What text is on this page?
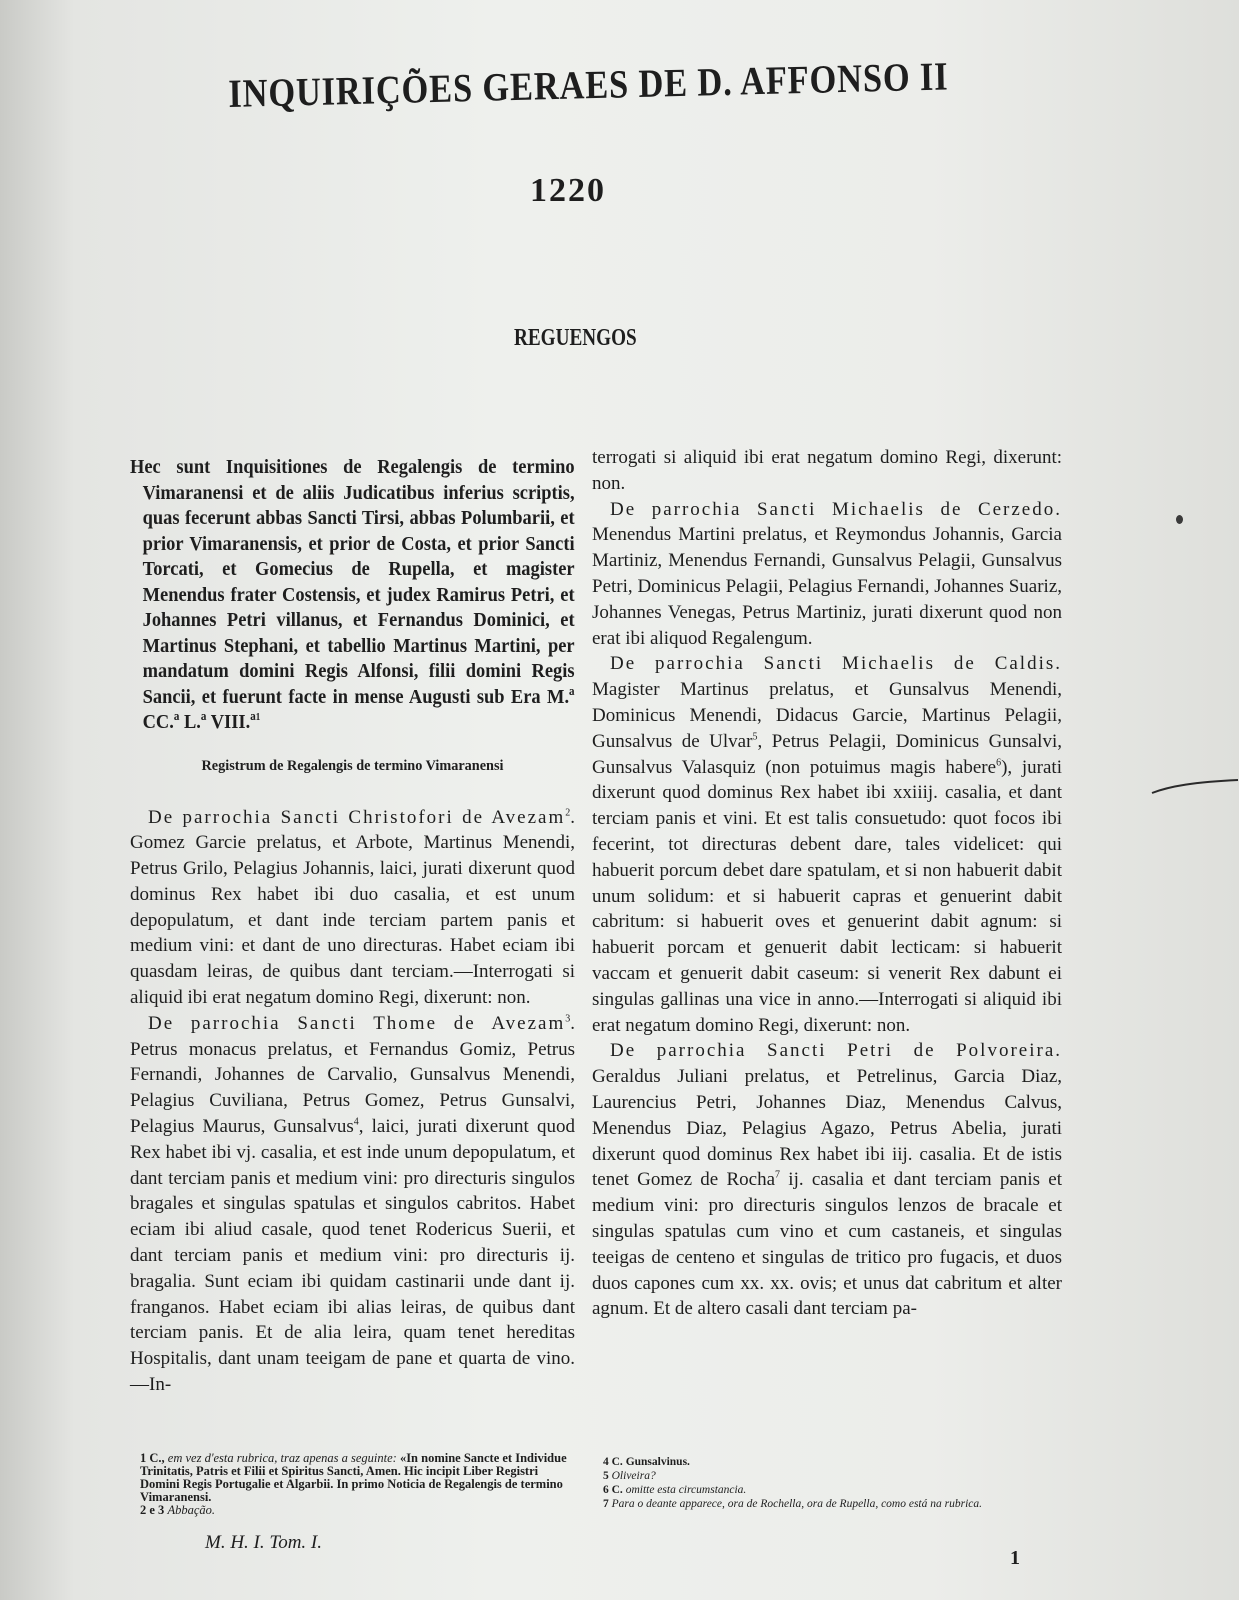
INQUIRIÇÕES GERAES DE D. AFFONSO II
1220
REGUENGOS

Hec sunt Inquisitiones de Regalengis de termino Vimaranensi et de aliis Judicatibus inferius scriptis, quas fecerunt abbas Sancti Tirsi, abbas Polumbarii, et prior Vimaranensis, et prior de Costa, et prior Sancti Torcati, et Gomecius de Rupella, et magister Menendus frater Costensis, et judex Ramirus Petri, et Johannes Petri villanus, et Fernandus Dominici, et Martinus Stephani, et tabellio Martinus Martini, per mandatum domini Regis Alfonsi, filii domini Regis Sancii, et fuerunt facte in mense Augusti sub Era M.ª CC.ª L.ª VIII.ª$^1$

Registrum de Regalengis de termino Vimaranensi

De parrochia Sancti Christofori de Avezam$^2$. Gomez Garcie prelatus, et Arbote, Martinus Menendi, Petrus Grilo, Pelagius Johannis, laici, jurati dixerunt quod dominus Rex habet ibi duo casalia, et est unum depopulatum, et dant inde terciam partem panis et medium vini: et dant de uno directuras. Habet eciam ibi quasdam leiras, de quibus dant terciam.—Interrogati si aliquid ibi erat negatum domino Regi, dixerunt: non.

De parrochia Sancti Thome de Avezam$^3$. Petrus monacus prelatus, et Fernandus Gomiz, Petrus Fernandi, Johannes de Carvalio, Gunsalvus Menendi, Pelagius Cuviliana, Petrus Gomez, Petrus Gunsalvi, Pelagius Maurus, Gunsalvus$^4$, laici, jurati dixerunt quod Rex habet ibi vj. casalia, et est inde unum depopulatum, et dant terciam panis et medium vini: pro directuris singulos bragales et singulas spatulas et singulos cabritos. Habet eciam ibi aliud casale, quod tenet Rodericus Suerii, et dant terciam panis et medium vini: pro directuris ij. bragalia. Sunt eciam ibi quidam castinarii unde dant ij. franganos. Habet eciam ibi alias leiras, de quibus dant terciam panis. Et de alia leira, quam tenet hereditas Hospitalis, dant unam teeigam de pane et quarta de vino.—In-

terrogati si aliquid ibi erat negatum domino Regi, dixerunt: non.

De parrochia Sancti Michaelis de Cerzedo. Menendus Martini prelatus, et Reymondus Johannis, Garcia Martiniz, Menendus Fernandi, Gunsalvus Pelagii, Gunsalvus Petri, Dominicus Pelagii, Pelagius Fernandi, Johannes Suariz, Johannes Venegas, Petrus Martiniz, jurati dixerunt quod non erat ibi aliquod Regalengum.

De parrochia Sancti Michaelis de Caldis. Magister Martinus prelatus, et Gunsalvus Menendi, Dominicus Menendi, Didacus Garcie, Martinus Pelagii, Gunsalvus de Ulvar$^5$, Petrus Pelagii, Dominicus Gunsalvi, Gunsalvus Valasquiz (non potuimus magis habere$^6$), jurati dixerunt quod dominus Rex habet ibi xxiiij. casalia, et dant terciam panis et vini. Et est talis consuetudo: quot focos ibi fecerint, tot directuras debent dare, tales videlicet: qui habuerit porcum debet dare spatulam, et si non habuerit dabit unum solidum: et si habuerit capras et genuerint dabit cabritum: si habuerit oves et genuerint dabit agnum: si habuerit porcam et genuerit dabit lecticam: si habuerit vaccam et genuerit dabit caseum: si venerit Rex dabunt ei singulas gallinas una vice in anno.—Interrogati si aliquid ibi erat negatum domino Regi, dixerunt: non.

De parrochia Sancti Petri de Polvoreira. Geraldus Juliani prelatus, et Petrelinus, Garcia Diaz, Laurencius Petri, Johannes Diaz, Menendus Calvus, Menendus Diaz, Pelagius Agazo, Petrus Abelia, jurati dixerunt quod dominus Rex habet ibi iij. casalia. Et de istis tenet Gomez de Rocha$^7$ ij. casalia et dant terciam panis et medium vini: pro directuris singulos lenzos de bracale et singulas spatulas cum vino et cum castaneis, et singulas teeigas de centeno et singulas de tritico pro fugacis, et duos duos capones cum xx. xx. ovis; et unus dat cabritum et alter agnum. Et de altero casali dant terciam pa-

1 C., em vez d'esta rubrica, traz apenas a seguinte: «In nomine Sancte et Individue Trinitatis, Patris et Filii et Spiritus Sancti, Amen. Hic incipit Liber Registri Domini Regis Portugalie et Algarbii. In primo Noticia de Regalengis de termino Vimaranensi.
2 e 3 Abbação.
4 C. Gunsalvinus.
5 Oliveira?
6 C. omitte esta circumstancia.
7 Para o deante apparece, ora de Rochella, ora de Rupella, como está na rubrica.
M. H. I. Tom. I.
1
